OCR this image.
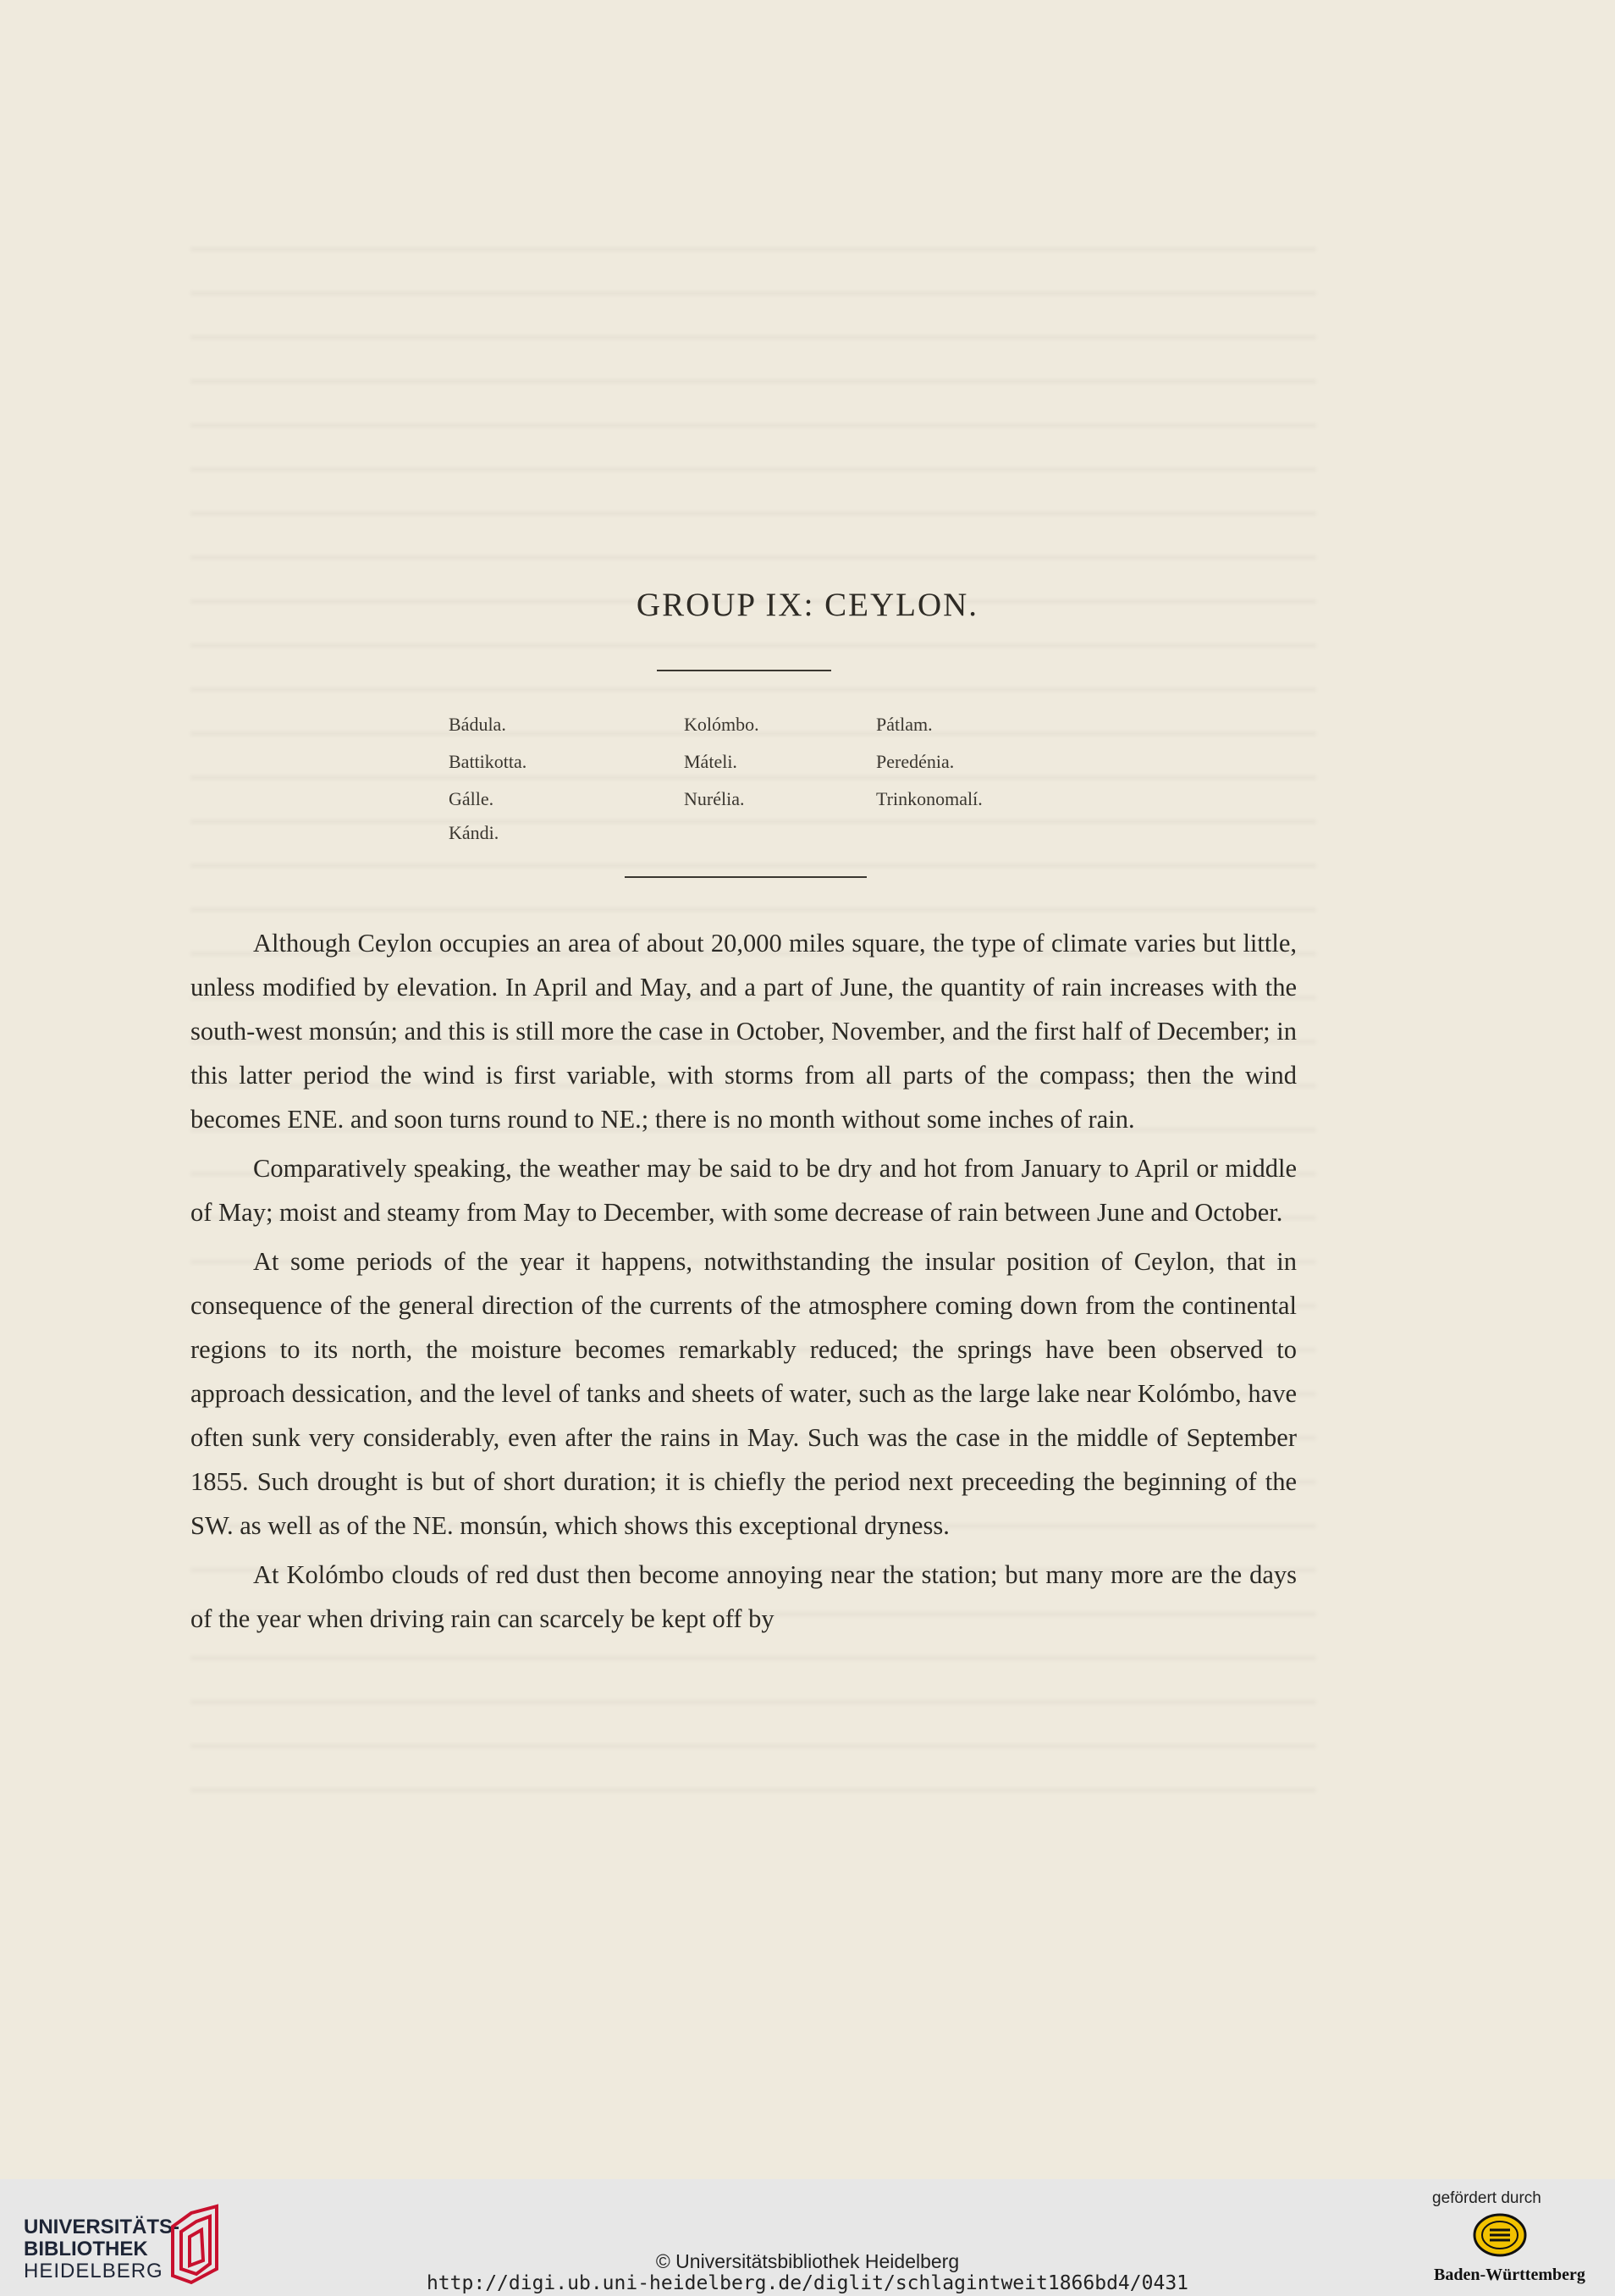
GROUP IX: CEYLON.
Bádula.	Kolómbo.	Pátlam.
Battikotta.	Máteli.	Peredénia.
Gálle.	Nurélia.	Trinkonomalí.
Kándi.

Although Ceylon occupies an area of about 20,000 miles square, the type of climate varies but little, unless modified by elevation. In April and May, and a part of June, the quantity of rain increases with the south-west monsún; and this is still more the case in October, November, and the first half of December; in this latter period the wind is first variable, with storms from all parts of the compass; then the wind becomes ENE. and soon turns round to NE.; there is no month without some inches of rain.

Comparatively speaking, the weather may be said to be dry and hot from January to April or middle of May; moist and steamy from May to December, with some decrease of rain between June and October.

At some periods of the year it happens, notwithstanding the insular position of Ceylon, that in consequence of the general direction of the currents of the atmosphere coming down from the continental regions to its north, the moisture becomes remarkably reduced; the springs have been observed to approach dessication, and the level of tanks and sheets of water, such as the large lake near Kolómbo, have often sunk very considerably, even after the rains in May. Such was the case in the middle of September 1855. Such drought is but of short duration; it is chiefly the period next preceeding the beginning of the SW. as well as of the NE. monsún, which shows this exceptional dryness.

At Kolómbo clouds of red dust then become annoying near the station; but many more are the days of the year when driving rain can scarcely be kept off by

UNIVERSITÄTS-
BIBLIOTHEK
HEIDELBERG	© Universitätsbibliothek Heidelberg
http://digi.ub.uni-heidelberg.de/diglit/schlagintweit1866bd4/0431
gefördert durch
Baden-Württemberg
